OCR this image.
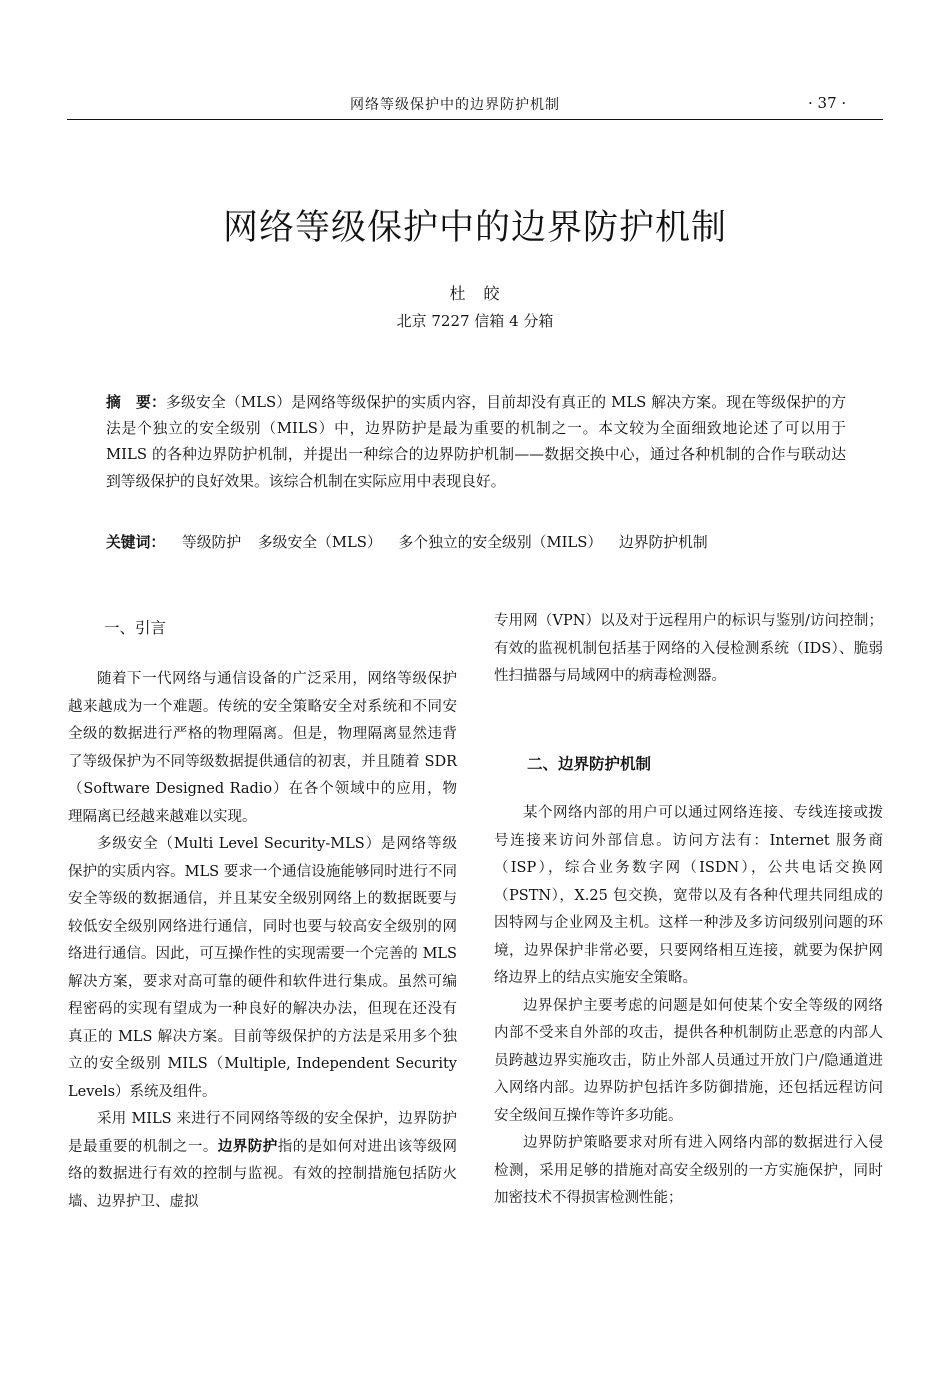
网络等级保护中的边界防护机制	· 37 ·
网络等级保护中的边界防护机制
杜　皎
北京 7227 信箱 4 分箱
摘　要：多级安全（MLS）是网络等级保护的实质内容，目前却没有真正的 MLS 解决方案。现在等级保护的方法是个独立的安全级别（MILS）中，边界防护是最为重要的机制之一。本文较为全面细致地论述了可以用于 MILS 的各种边界防护机制，并提出一种综合的边界防护机制——数据交换中心，通过各种机制的合作与联动达到等级保护的良好效果。该综合机制在实际应用中表现良好。
关键词： 等级防护 多级安全（MLS） 多个独立的安全级别（MILS） 边界防护机制
一、引言

随着下一代网络与通信设备的广泛采用，网络等级保护越来越成为一个难题。传统的安全策略安全对系统和不同安全级的数据进行严格的物理隔离。但是，物理隔离显然违背了等级保护为不同等级数据提供通信的初衷，并且随着 SDR（Software Designed Radio）在各个领域中的应用，物理隔离已经越来越难以实现。

多级安全（Multi Level Security-MLS）是网络等级保护的实质内容。MLS 要求一个通信设施能够同时进行不同安全等级的数据通信，并且某安全级别网络上的数据既要与较低安全级别网络进行通信，同时也要与较高安全级别的网络进行通信。因此，可互操作性的实现需要一个完善的 MLS 解决方案，要求对高可靠的硬件和软件进行集成。虽然可编程密码的实现有望成为一种良好的解决办法，但现在还没有真正的 MLS 解决方案。目前等级保护的方法是采用多个独立的安全级别 MILS（Multiple, Independent Security Levels）系统及组件。

采用 MILS 来进行不同网络等级的安全保护，边界防护是最重要的机制之一。边界防护指的是如何对进出该等级网络的数据进行有效的控制与监视。有效的控制措施包括防火墙、边界护卫、虚拟

专用网（VPN）以及对于远程用户的标识与鉴别/访问控制；有效的监视机制包括基于网络的入侵检测系统（IDS）、脆弱性扫描器与局域网中的病毒检测器。

二、边界防护机制

某个网络内部的用户可以通过网络连接、专线连接或拨号连接来访问外部信息。访问方法有：Internet 服务商（ISP），综合业务数字网（ISDN），公共电话交换网（PSTN），X.25 包交换，宽带以及有各种代理共同组成的因特网与企业网及主机。这样一种涉及多访问级别问题的环境，边界保护非常必要，只要网络相互连接，就要为保护网络边界上的结点实施安全策略。

边界保护主要考虑的问题是如何使某个安全等级的网络内部不受来自外部的攻击，提供各种机制防止恶意的内部人员跨越边界实施攻击，防止外部人员通过开放门户/隐通道进入网络内部。边界防护包括许多防御措施，还包括远程访问安全级间互操作等许多功能。

边界防护策略要求对所有进入网络内部的数据进行入侵检测，采用足够的措施对高安全级别的一方实施保护，同时加密技术不得损害检测性能；
